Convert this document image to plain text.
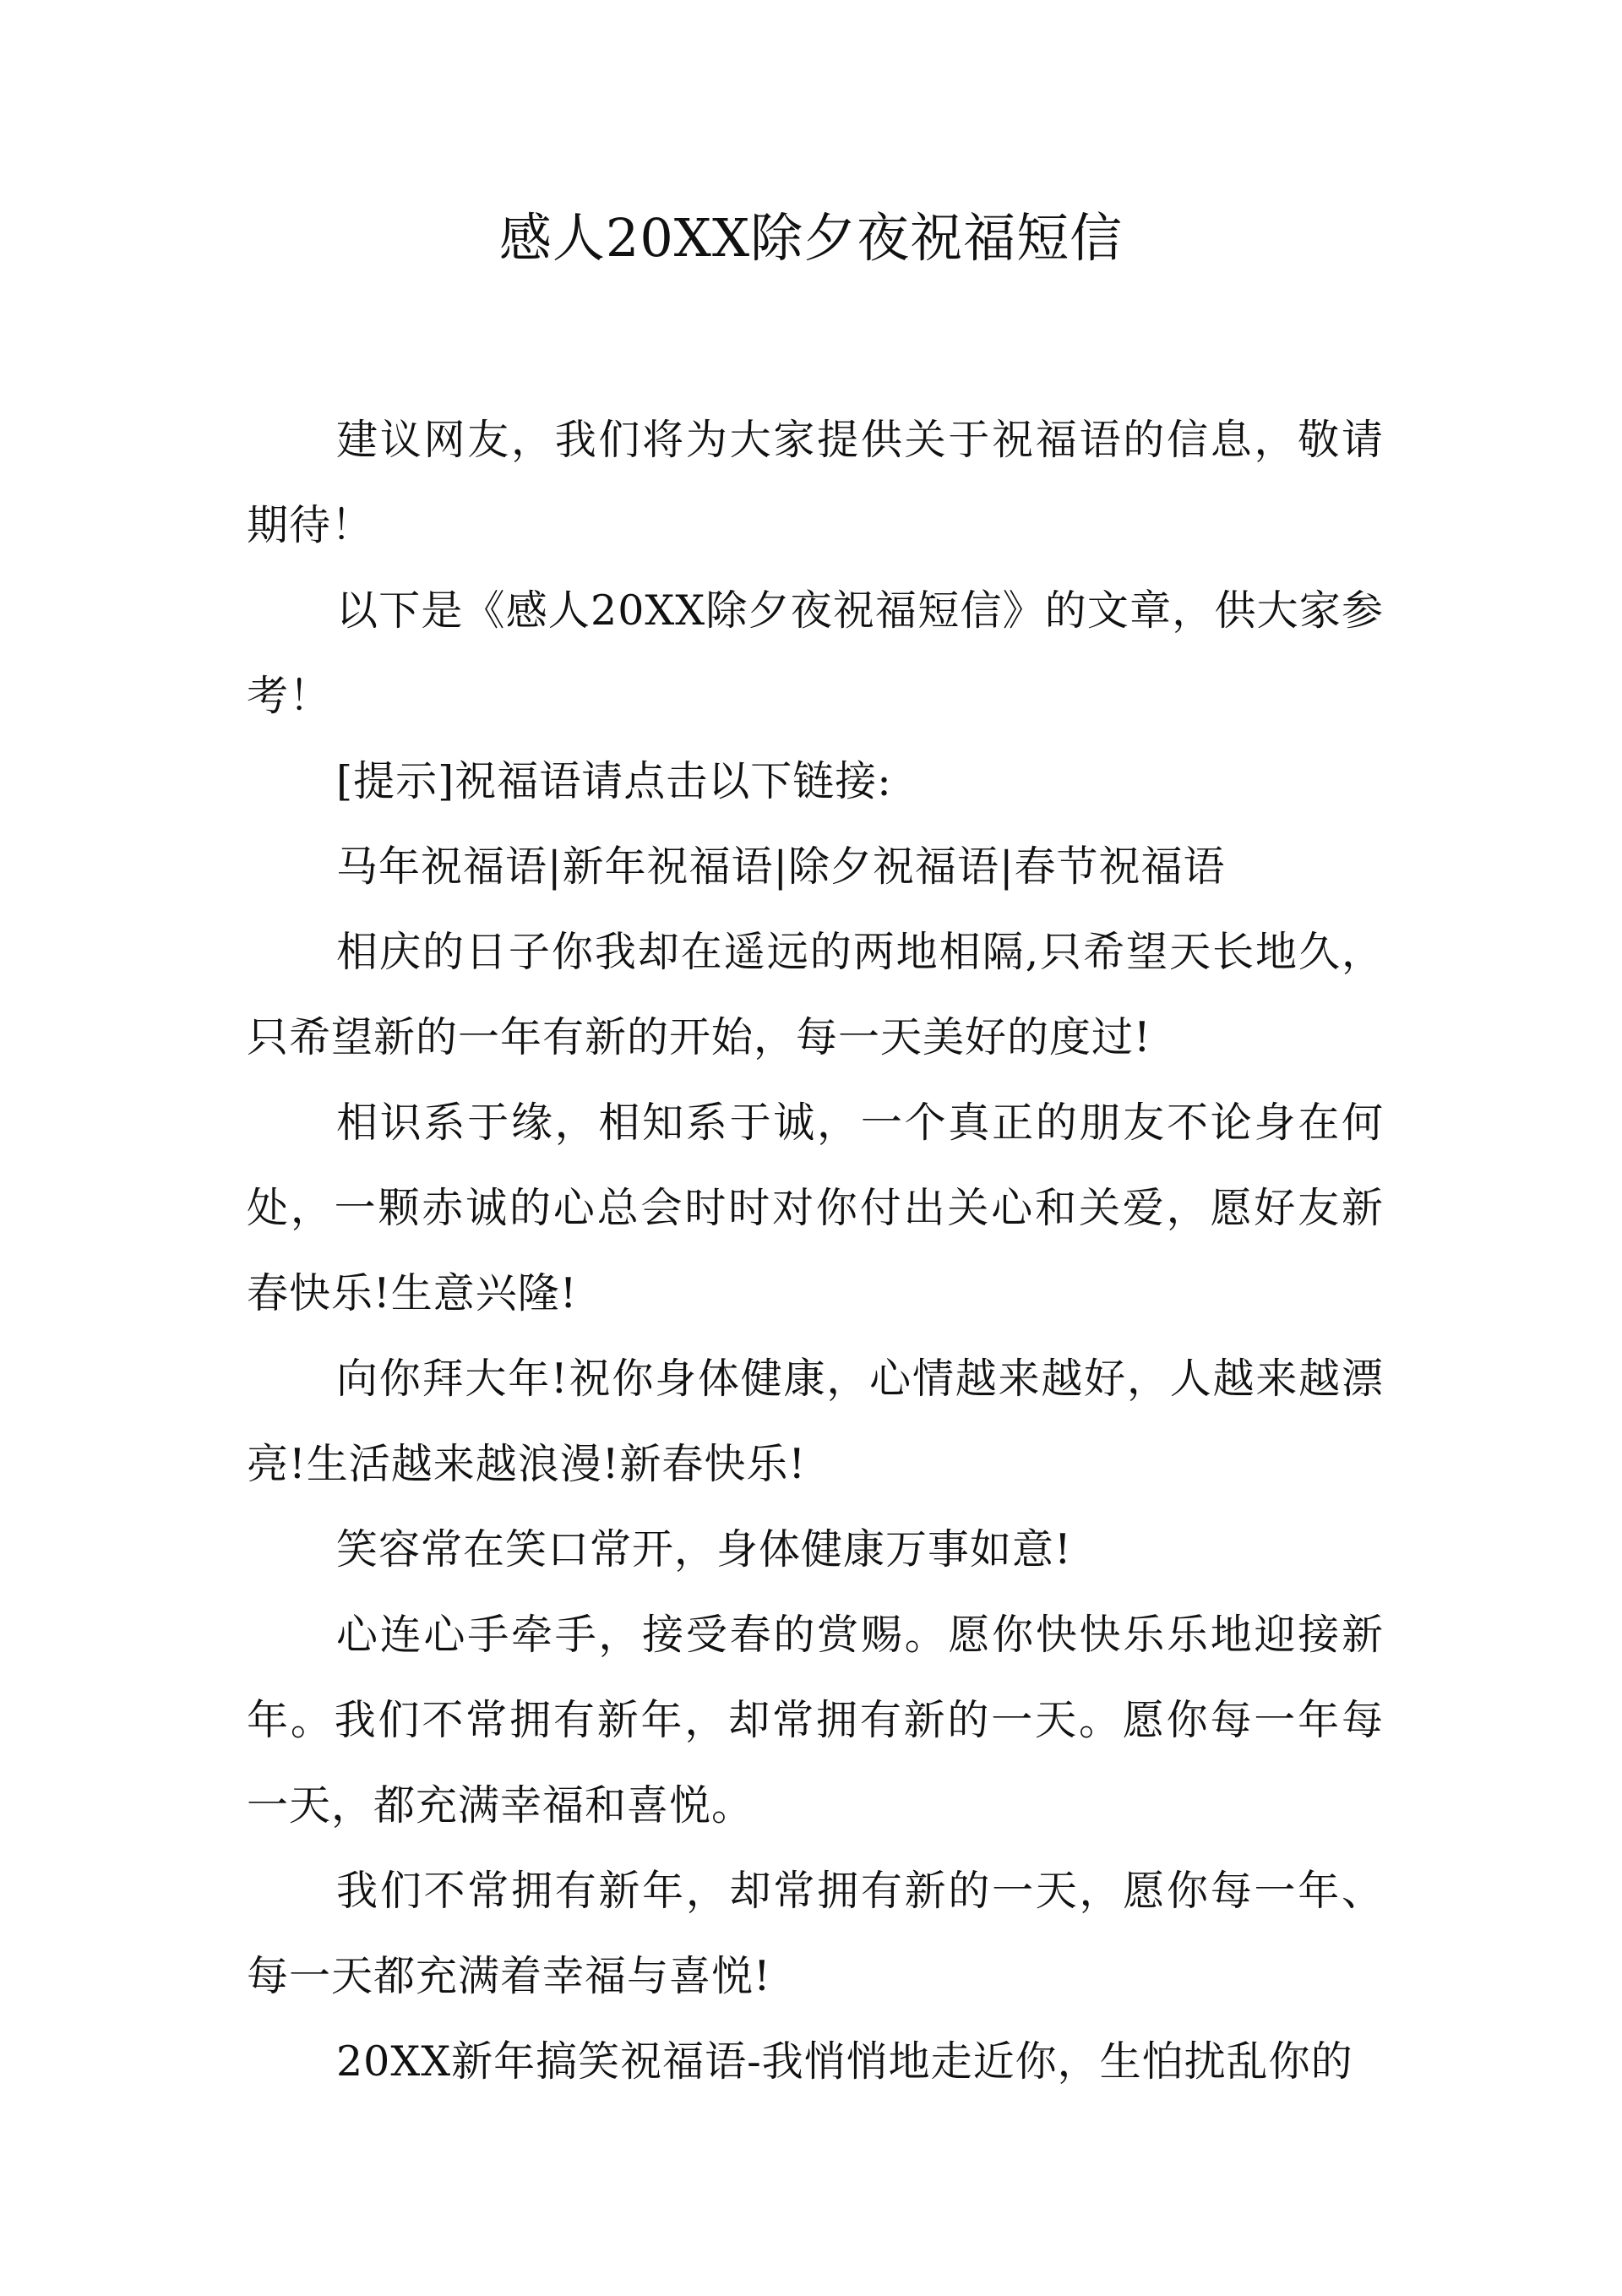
感人20XX除夕夜祝福短信

建议网友，我们将为大家提供关于祝福语的信息，敬请期待！

以下是《感人20XX除夕夜祝福短信》的文章，供大家参考！

[提示]祝福语请点击以下链接:

马年祝福语|新年祝福语|除夕祝福语|春节祝福语

相庆的日子你我却在遥远的两地相隔,只希望天长地久，只希望新的一年有新的开始，每一天美好的度过!

相识系于缘，相知系于诚，一个真正的朋友不论身在何处，一颗赤诚的心总会时时对你付出关心和关爱，愿好友新春快乐!生意兴隆!

向你拜大年!祝你身体健康，心情越来越好，人越来越漂亮!生活越来越浪漫!新春快乐!

笑容常在笑口常开，身体健康万事如意!

心连心手牵手，接受春的赏赐。愿你快快乐乐地迎接新年。我们不常拥有新年，却常拥有新的一天。愿你每一年每一天，都充满幸福和喜悦。

我们不常拥有新年，却常拥有新的一天，愿你每一年、每一天都充满着幸福与喜悦!

20XX新年搞笑祝福语-我悄悄地走近你，生怕扰乱你的
